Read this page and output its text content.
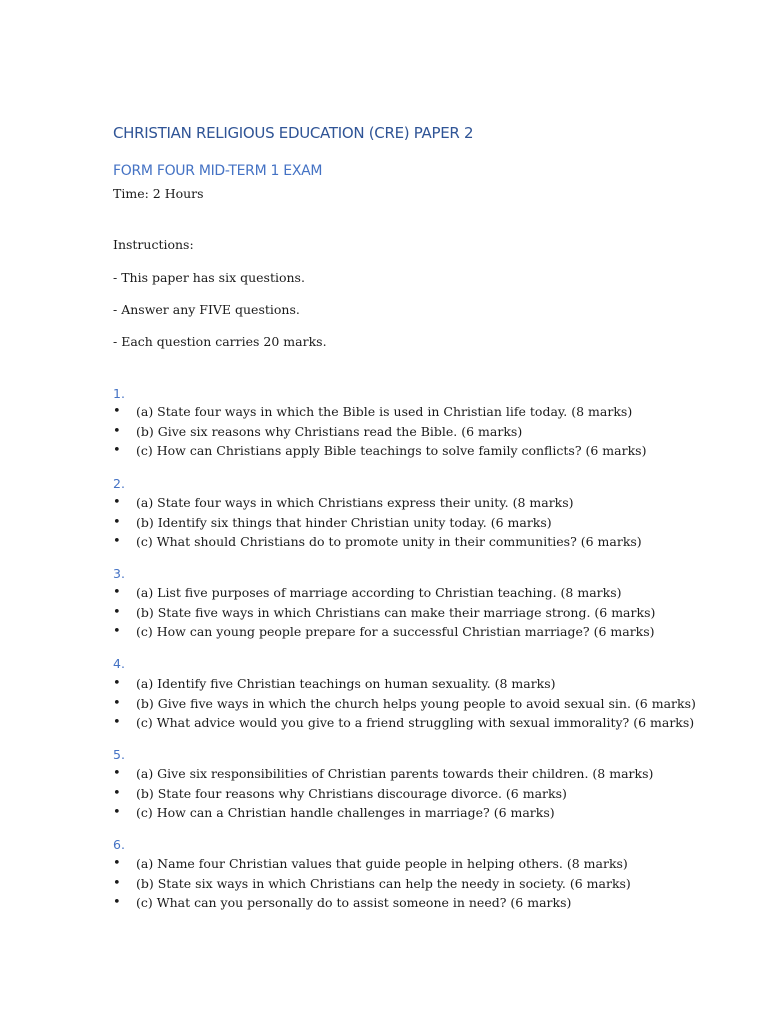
CHRISTIAN RELIGIOUS EDUCATION (CRE) PAPER 2
FORM FOUR MID-TERM 1 EXAM

Time: 2 Hours

Instructions:

- This paper has six questions.

- Answer any FIVE questions.

- Each question carries 20 marks.

1.

• (a) State four ways in which the Bible is used in Christian life today. (8 marks)
• (b) Give six reasons why Christians read the Bible. (6 marks)
• (c) How can Christians apply Bible teachings to solve family conflicts? (6 marks)

2.

• (a) State four ways in which Christians express their unity. (8 marks)
• (b) Identify six things that hinder Christian unity today. (6 marks)
• (c) What should Christians do to promote unity in their communities? (6 marks)

3.

• (a) List five purposes of marriage according to Christian teaching. (8 marks)
• (b) State five ways in which Christians can make their marriage strong. (6 marks)
• (c) How can young people prepare for a successful Christian marriage? (6 marks)

4.

• (a) Identify five Christian teachings on human sexuality. (8 marks)
• (b) Give five ways in which the church helps young people to avoid sexual sin. (6 marks)
• (c) What advice would you give to a friend struggling with sexual immorality? (6 marks)

5.

• (a) Give six responsibilities of Christian parents towards their children. (8 marks)
• (b) State four reasons why Christians discourage divorce. (6 marks)
• (c) How can a Christian handle challenges in marriage? (6 marks)

6.

• (a) Name four Christian values that guide people in helping others. (8 marks)
• (b) State six ways in which Christians can help the needy in society. (6 marks)
• (c) What can you personally do to assist someone in need? (6 marks)
